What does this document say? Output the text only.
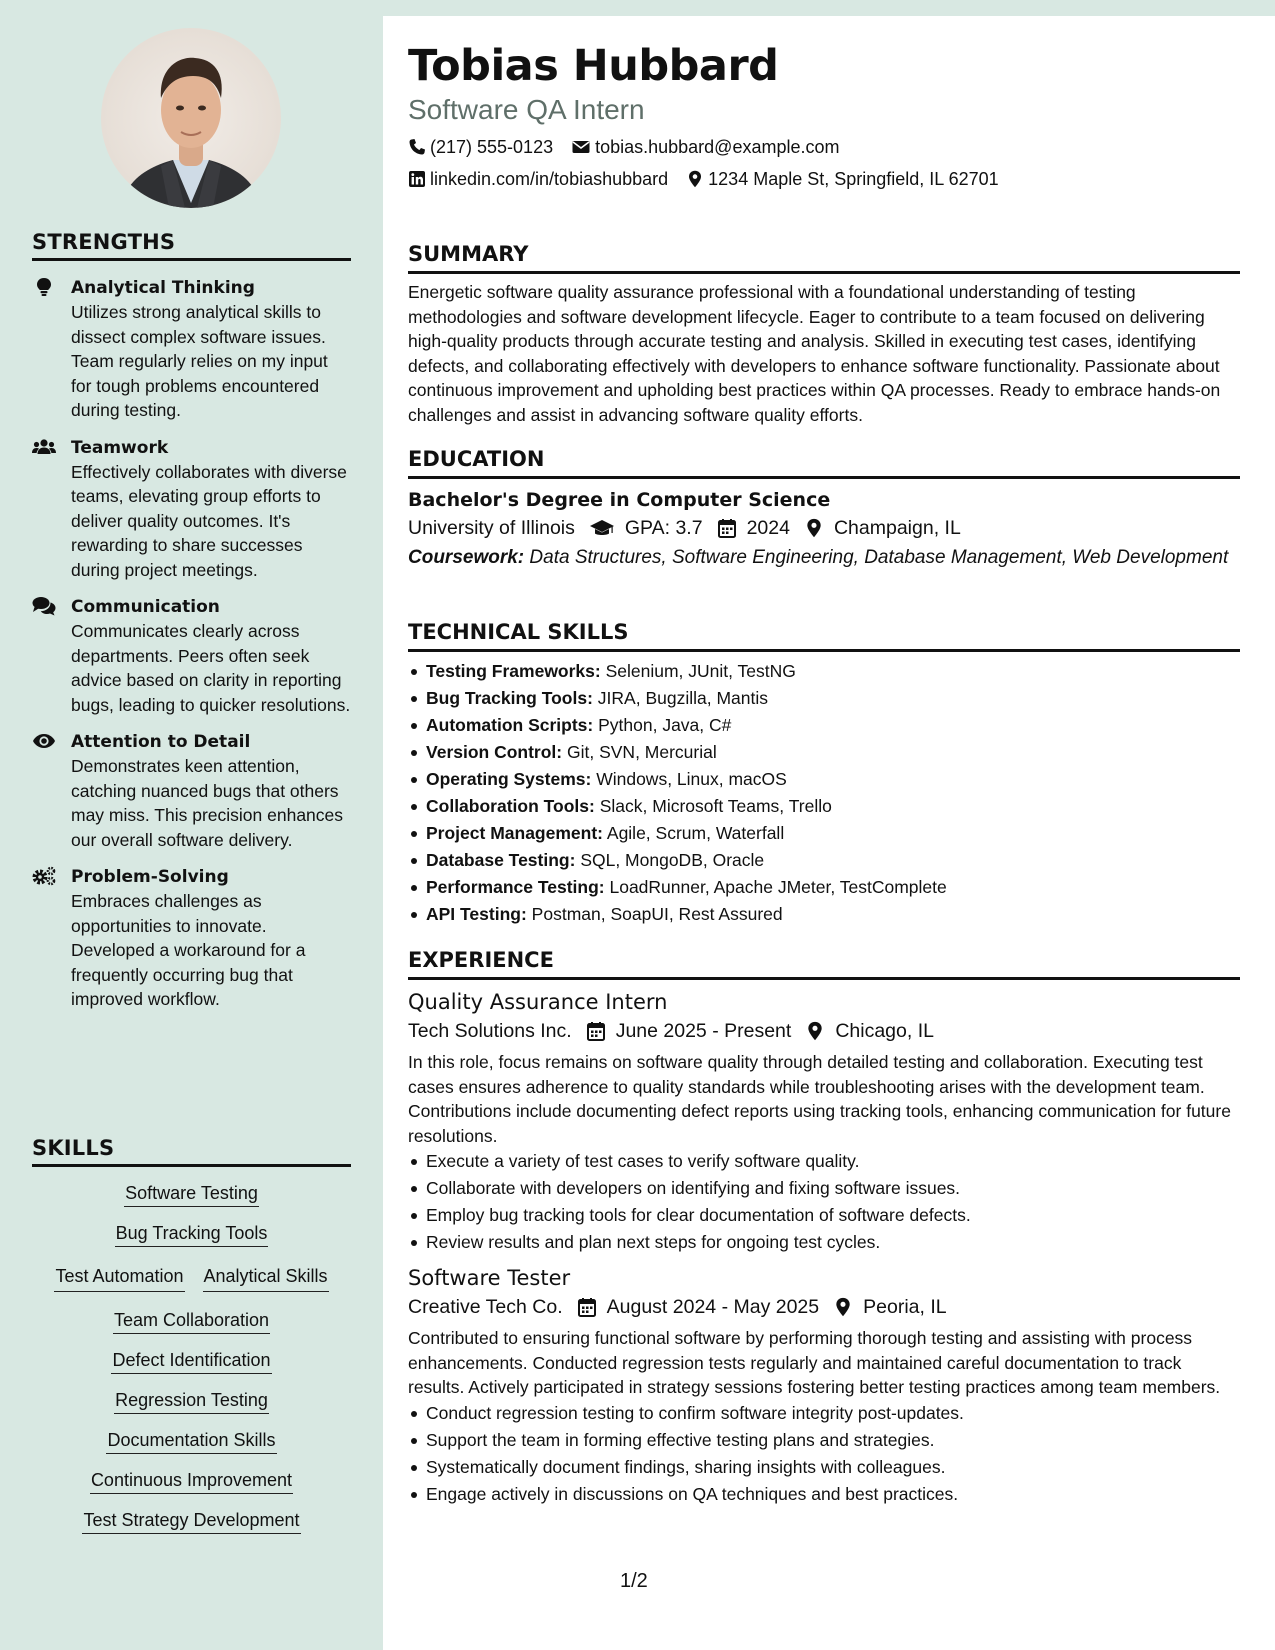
STRENGTHS
Analytical Thinking
Utilizes strong analytical skills to dissect complex software issues. Team regularly relies on my input for tough problems encountered during testing.
Teamwork
Effectively collaborates with diverse teams, elevating group efforts to deliver quality outcomes. It's rewarding to share successes during project meetings.
Communication
Communicates clearly across departments. Peers often seek advice based on clarity in reporting bugs, leading to quicker resolutions.
Attention to Detail
Demonstrates keen attention, catching nuanced bugs that others may miss. This precision enhances our overall software delivery.
Problem-Solving
Embraces challenges as opportunities to innovate. Developed a workaround for a frequently occurring bug that improved workflow.
SKILLS
Software Testing
Bug Tracking Tools
Test Automation Analytical Skills
Team Collaboration
Defect Identification
Regression Testing
Documentation Skills
Continuous Improvement
Test Strategy Development
Tobias Hubbard
Software QA Intern
(217) 555-0123 tobias.hubbard@example.com
linkedin.com/in/tobiashubbard 1234 Maple St, Springfield, IL 62701
SUMMARY
Energetic software quality assurance professional with a foundational understanding of testing methodologies and software development lifecycle. Eager to contribute to a team focused on delivering high-quality products through accurate testing and analysis. Skilled in executing test cases, identifying defects, and collaborating effectively with developers to enhance software functionality. Passionate about continuous improvement and upholding best practices within QA processes. Ready to embrace hands-on challenges and assist in advancing software quality efforts.
EDUCATION
Bachelor's Degree in Computer Science
University of Illinois	GPA: 3.7 2024 Champaign, IL
Coursework: Data Structures, Software Engineering, Database Management, Web Development
TECHNICAL SKILLS
Testing Frameworks: Selenium, JUnit, TestNG
Bug Tracking Tools: JIRA, Bugzilla, Mantis
Automation Scripts: Python, Java, C#
Version Control: Git, SVN, Mercurial
Operating Systems: Windows, Linux, macOS
Collaboration Tools: Slack, Microsoft Teams, Trello
Project Management: Agile, Scrum, Waterfall
Database Testing: SQL, MongoDB, Oracle
Performance Testing: LoadRunner, Apache JMeter, TestComplete
API Testing: Postman, SoapUI, Rest Assured
EXPERIENCE
Quality Assurance Intern
Tech Solutions Inc. June 2025 - Present Chicago, IL
In this role, focus remains on software quality through detailed testing and collaboration. Executing test cases ensures adherence to quality standards while troubleshooting arises with the development team. Contributions include documenting defect reports using tracking tools, enhancing communication for future resolutions.
Execute a variety of test cases to verify software quality.
Collaborate with developers on identifying and fixing software issues.
Employ bug tracking tools for clear documentation of software defects.
Review results and plan next steps for ongoing test cycles.
Software Tester
Creative Tech Co. August 2024 - May 2025 Peoria, IL
Contributed to ensuring functional software by performing thorough testing and assisting with process enhancements. Conducted regression tests regularly and maintained careful documentation to track results. Actively participated in strategy sessions fostering better testing practices among team members.
Conduct regression testing to confirm software integrity post-updates.
Support the team in forming effective testing plans and strategies.
Systematically document findings, sharing insights with colleagues.
Engage actively in discussions on QA techniques and best practices.
1/2
